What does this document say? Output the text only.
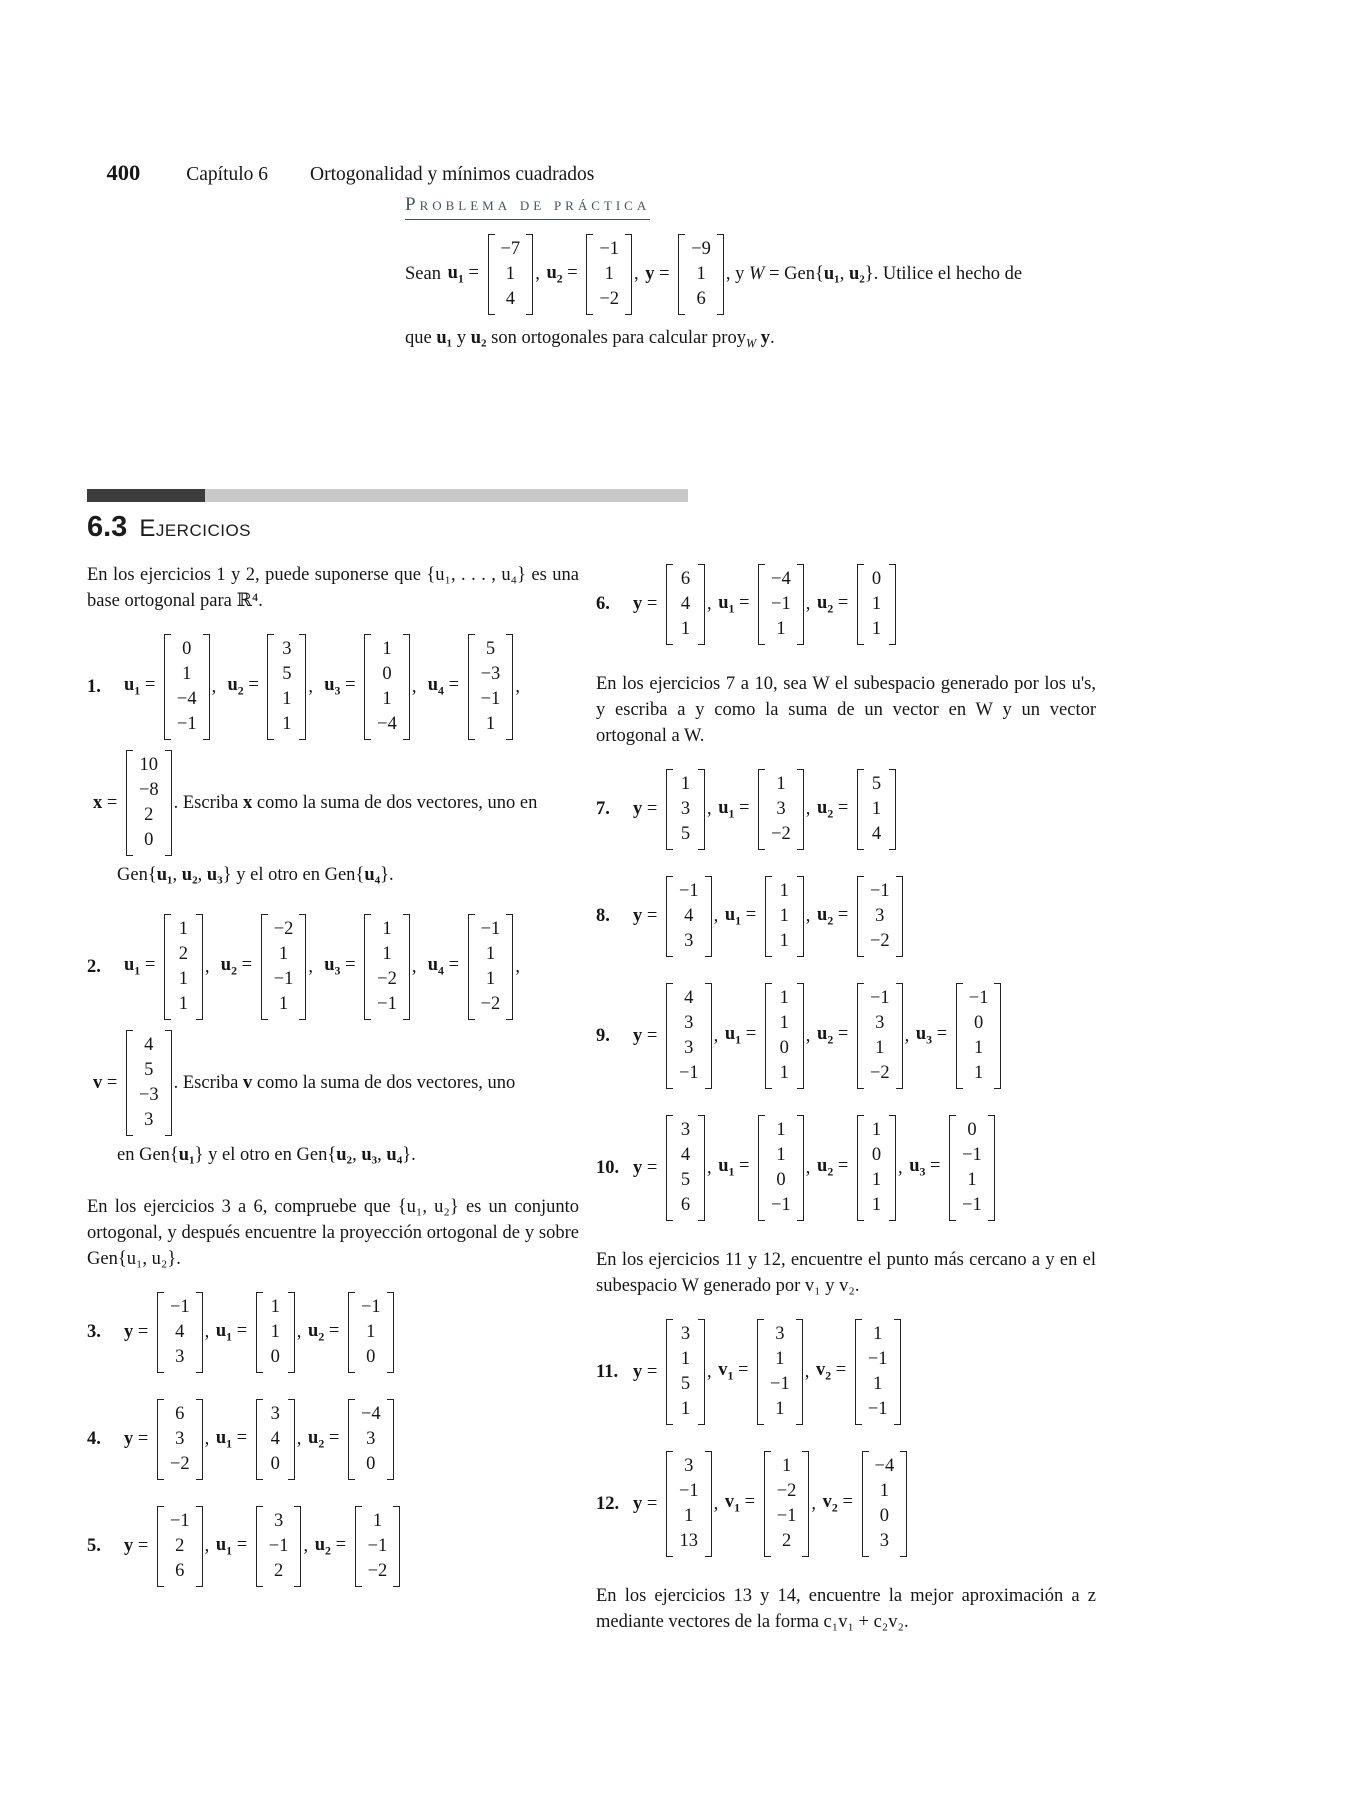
400 Capítulo 6 Ortogonalidad y mínimos cuadrados

Problema de práctica
Sean $u_1$ =
−7
1
4
, $u_2$ =
−1
1
−2
, y =
−9
1
6
, y W = Gen{ u₁ , u₂ }. Utilice el hecho de
que u₁ y u₂ son ortogonales para calcular proy$_W$ y.
6.3 Ejercicios
En los ejercicios 1 y 2, puede suponerse que {u₁, . . . , u₄} es una base ortogonal para ℝ⁴.
1.	$u_1$ =
0
1
−4
−1
, $u_2$ =
3
5
1
1
, $u_3$ =
1
0
1
−4
, $u_4$ =
5
−3
−1
1
,
x =
10
−8
2
0
. Escriba x como la suma de dos vectores, uno en
Gen{u₁, u₂, u₃} y el otro en Gen{u₄}.
2.	$u_1$ =
1
2
1
1
, $u_2$ =
−2
1
−1
1
, $u_3$ =
1
1
−2
−1
, $u_4$ =
−1
1
1
−2
,
v =
4
5
−3
3
. Escriba v como la suma de dos vectores, uno
en Gen{u₁} y el otro en Gen{u₂, u₃, u₄}.
En los ejercicios 3 a 6, compruebe que {u₁, u₂} es un conjunto ortogonal, y después encuentre la proyección ortogonal de y sobre Gen{u₁, u₂}.
3.	y =
−1
4
3
, $u_1$ =
1
1
0
, $u_2$ =
−1
1
0
4.	y =
6
3
−2
, $u_1$ =
3
4
0
, $u_2$ =
−4
3
0
5.	y =
−1
2
6
, $u_1$ =
3
−1
2
, $u_2$ =
1
−1
−2
6.	y =
6
4
1
, $u_1$ =
−4
−1
1
, $u_2$ =
0
1
1
En los ejercicios 7 a 10, sea W el subespacio generado por los u's, y escriba a y como la suma de un vector en W y un vector ortogonal a W.
7.	y =
1
3
5
, $u_1$ =
1
3
−2
, $u_2$ =
5
1
4
8.	y =
−1
4
3
, $u_1$ =
1
1
1
, $u_2$ =
−1
3
−2
9.	y =
4
3
3
−1
, $u_1$ =
1
1
0
1
, $u_2$ =
−1
3
1
−2
, $u_3$ =
−1
0
1
1
10. y =
3
4
5
6
, $u_1$ =
1
1
0
−1
, $u_2$ =
1
0
1
1
, $u_3$ =
0
−1
1
−1
En los ejercicios 11 y 12, encuentre el punto más cercano a y en el subespacio W generado por v₁ y v₂.
11. y =
3
1
5
1
, $v_1$ =
3
1
−1
1
, $v_2$ =
1
−1
1
−1
12. y =
3
−1
1
13
, $v_1$ =
1
−2
−1
2
, $v_2$ =
−4
1
0
3
En los ejercicios 13 y 14, encuentre la mejor aproximación a z mediante vectores de la forma c₁v₁ + c₂v₂.
